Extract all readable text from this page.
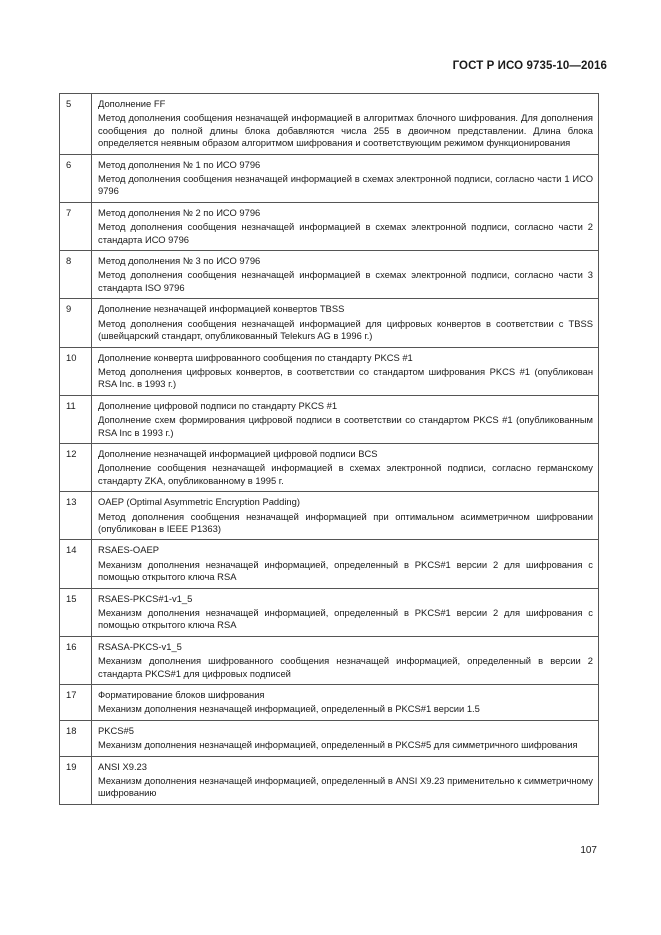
ГОСТ Р ИСО 9735-10—2016
5	Дополнение FF
Метод дополнения сообщения незначащей информацией в алгоритмах блочного шифрования. Для дополнения сообщения до полной длины блока добавляются числа 255 в двоичном представлении. Длина блока определяется неявным образом алгоритмом шифрования и соответствующим режимом функционирования

6	Метод дополнения № 1 по ИСО 9796
Метод дополнения сообщения незначащей информацией в схемах электронной подписи, согласно части 1 ИСО 9796

7	Метод дополнения № 2 по ИСО 9796
Метод дополнения сообщения незначащей информацией в схемах электронной подписи, согласно части 2 стандарта ИСО 9796

8	Метод дополнения № 3 по ИСО 9796
Метод дополнения сообщения незначащей информацией в схемах электронной подписи, согласно части 3 стандарта ISO 9796

9	Дополнение незначащей информацией конвертов TBSS
Метод дополнения сообщения незначащей информацией для цифровых конвертов в соответствии с TBSS (швейцарский стандарт, опубликованный Telekurs AG в 1996 г.)

10	Дополнение конверта шифрованного сообщения по стандарту PKCS #1
Метод дополнения цифровых конвертов, в соответствии со стандартом шифрования PKCS #1 (опубликован RSA Inc. в 1993 г.)

11	Дополнение цифровой подписи по стандарту PKCS #1
Дополнение схем формирования цифровой подписи в соответствии со стандартом PKCS #1 (опубликованным RSA Inc в 1993 г.)

12	Дополнение незначащей информацией цифровой подписи BCS
Дополнение сообщения незначащей информацией в схемах электронной подписи, согласно германскому стандарту ZKA, опубликованному в 1995 г.

13	OAEP (Optimal Asymmetric Encryption Padding)
Метод дополнения сообщения незначащей информацией при оптимальном асимметричном шифровании (опубликован в IEEE P1363)

14	RSAES-OAEP
Механизм дополнения незначащей информацией, определенный в PKCS#1 версии 2 для шифрования с помощью открытого ключа RSA

15	RSAES-PKCS#1-v1_5
Механизм дополнения незначащей информацией, определенный в PKCS#1 версии 2 для шифрования с помощью открытого ключа RSA

16	RSASA-PKCS-v1_5
Механизм дополнения шифрованного сообщения незначащей информацией, определенный в версии 2 стандарта PKCS#1 для цифровых подписей

17	Форматирование блоков шифрования
Механизм дополнения незначащей информацией, определенный в PKCS#1 версии 1.5

18	PKCS#5
Механизм дополнения незначащей информацией, определенный в PKCS#5 для симметричного шифрования

19	ANSI X9.23
Механизм дополнения незначащей информацией, определенный в ANSI X9.23 применительно к симметричному шифрованию
107
